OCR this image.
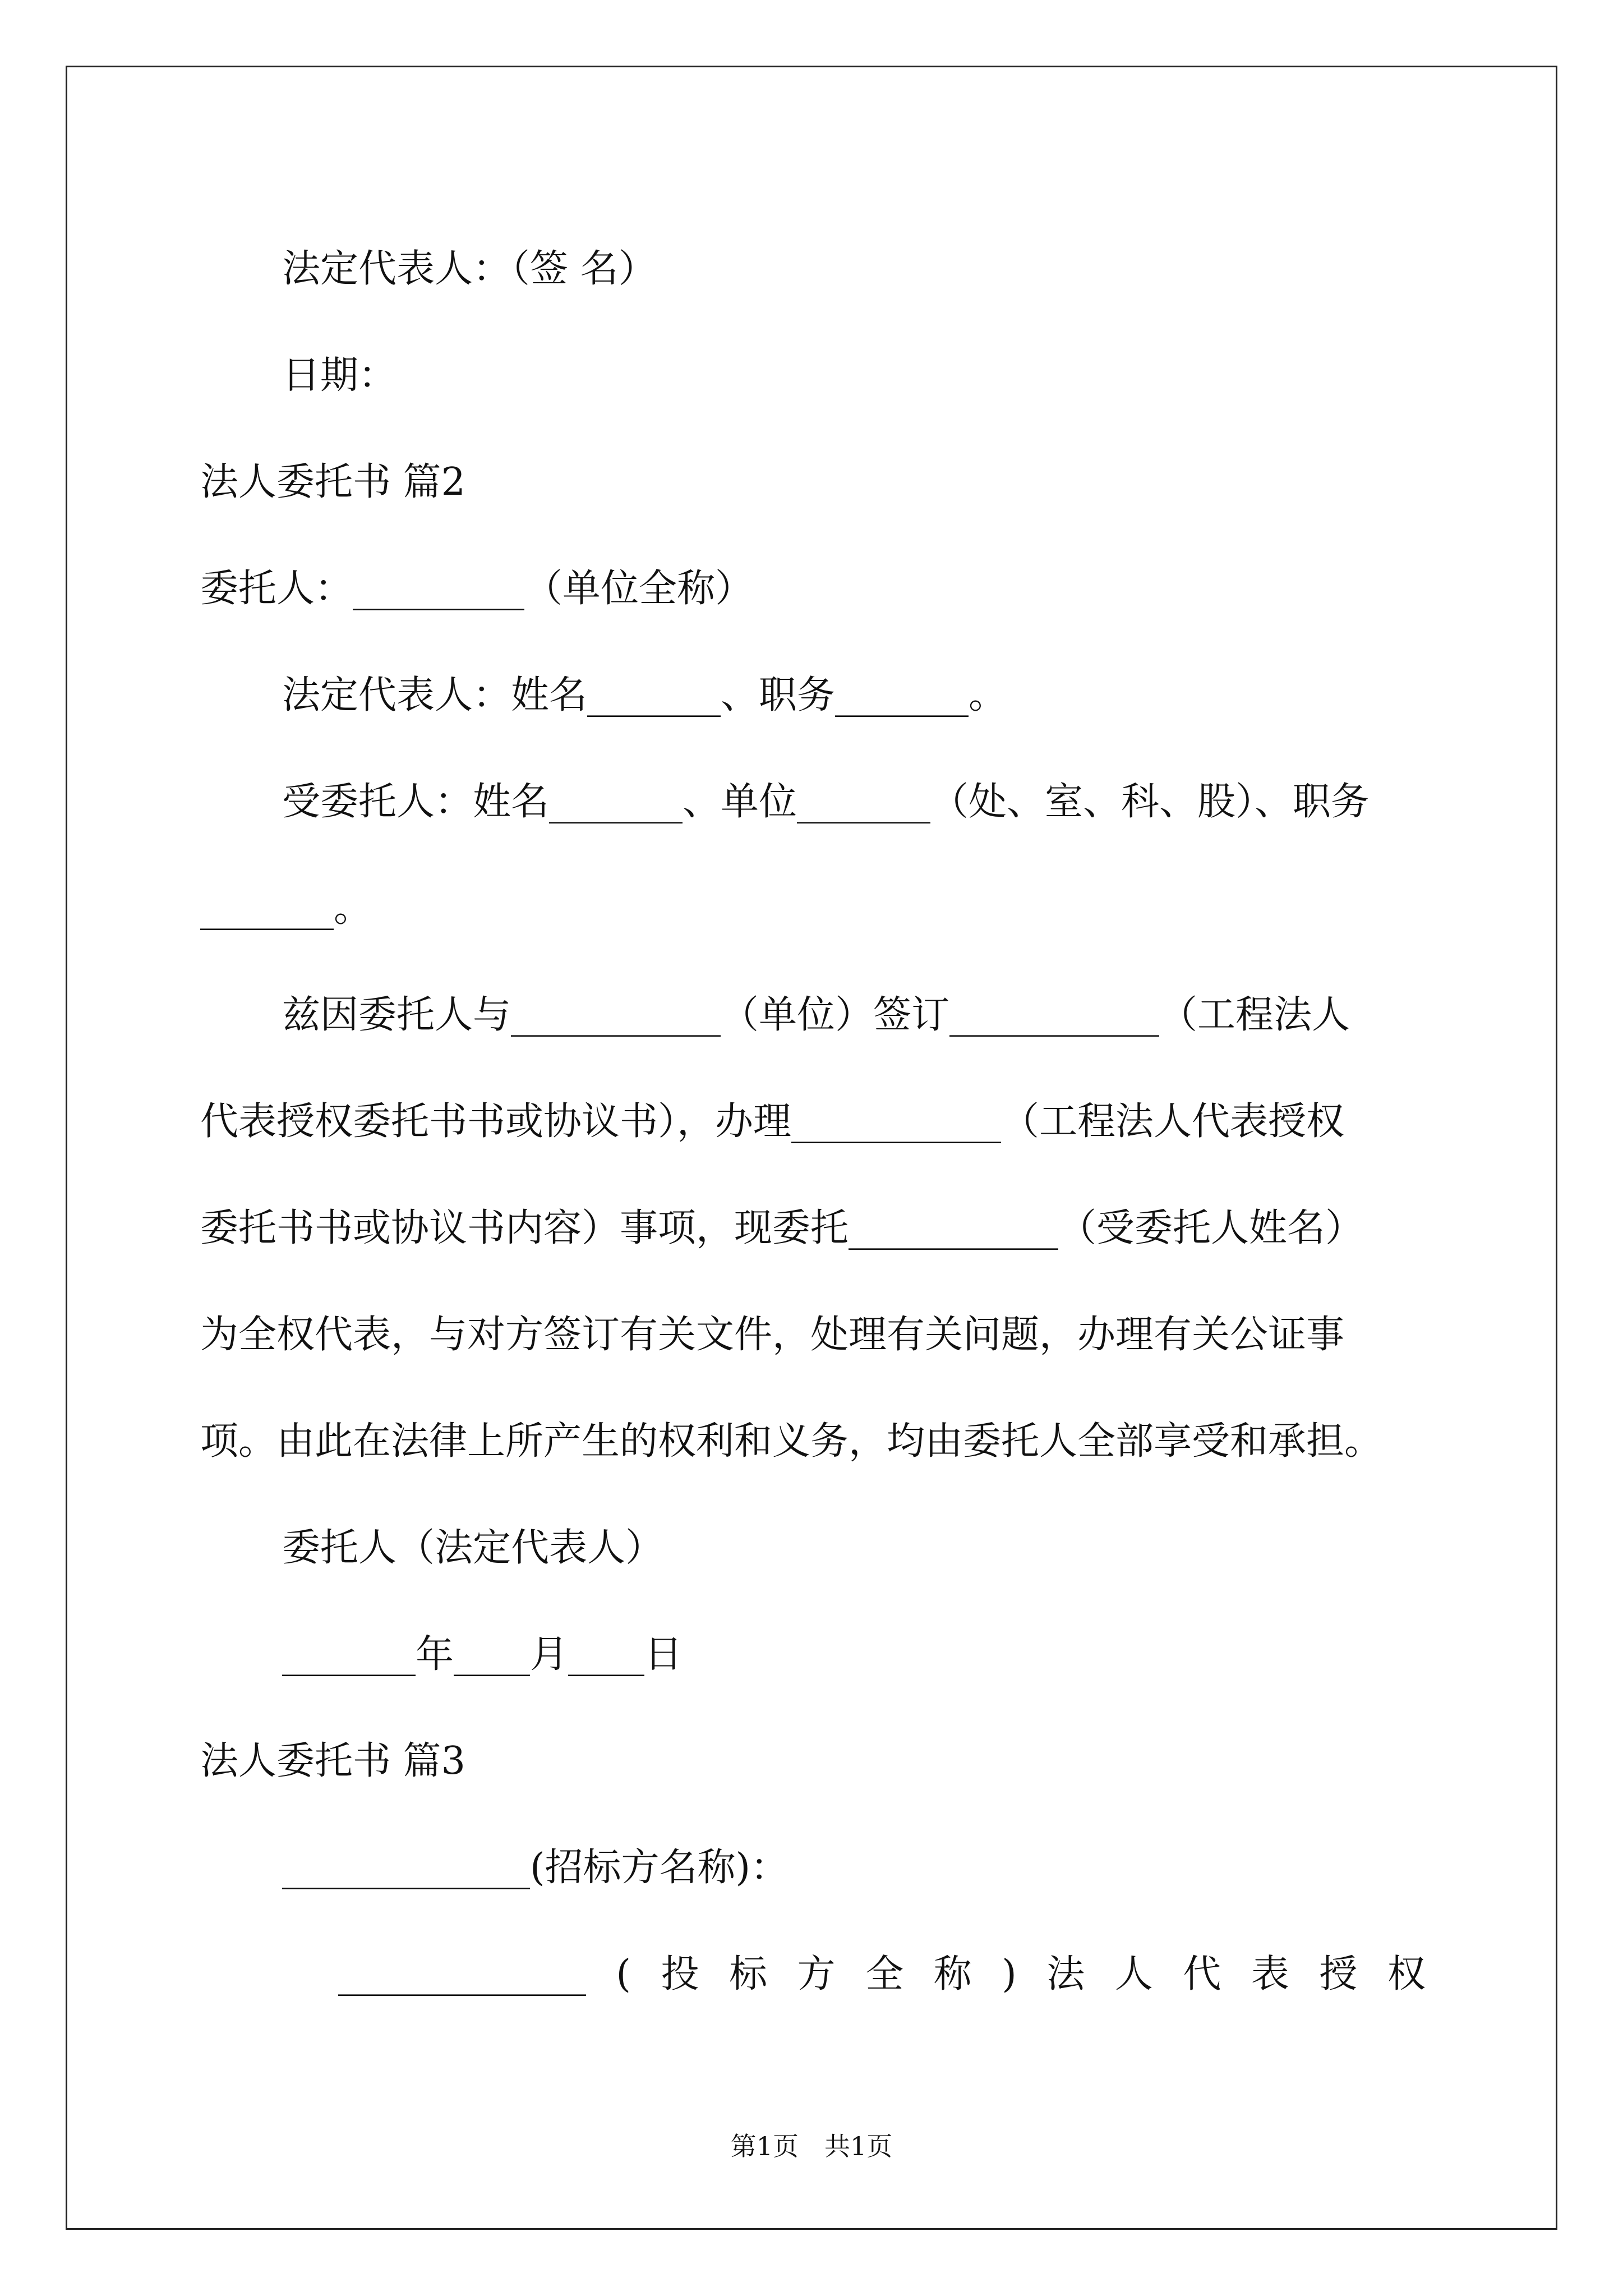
法定代表人：（签 名）
日期：
法人委托书 篇2
委托人：_________（单位全称）
法定代表人：姓名_______、职务_______。
受委托人：姓名_______、单位_______（处、室、科、股）、职务
_______。
兹因委托人与___________（单位）签订___________（工程法人
代表授权委托书书或协议书），办理___________（工程法人代表授权
委托书书或协议书内容）事项，现委托___________（受委托人姓名）
为全权代表，与对方签订有关文件，处理有关问题，办理有关公证事
项。由此在法律上所产生的权利和义务，均由委托人全部享受和承担。
委托人（法定代表人）
_______年____月____日
法人委托书 篇3
_____________(招标方名称)：
_____________ ( 投 标 方 全 称 ) 法 人 代 表 授 权
第1页　共1页
